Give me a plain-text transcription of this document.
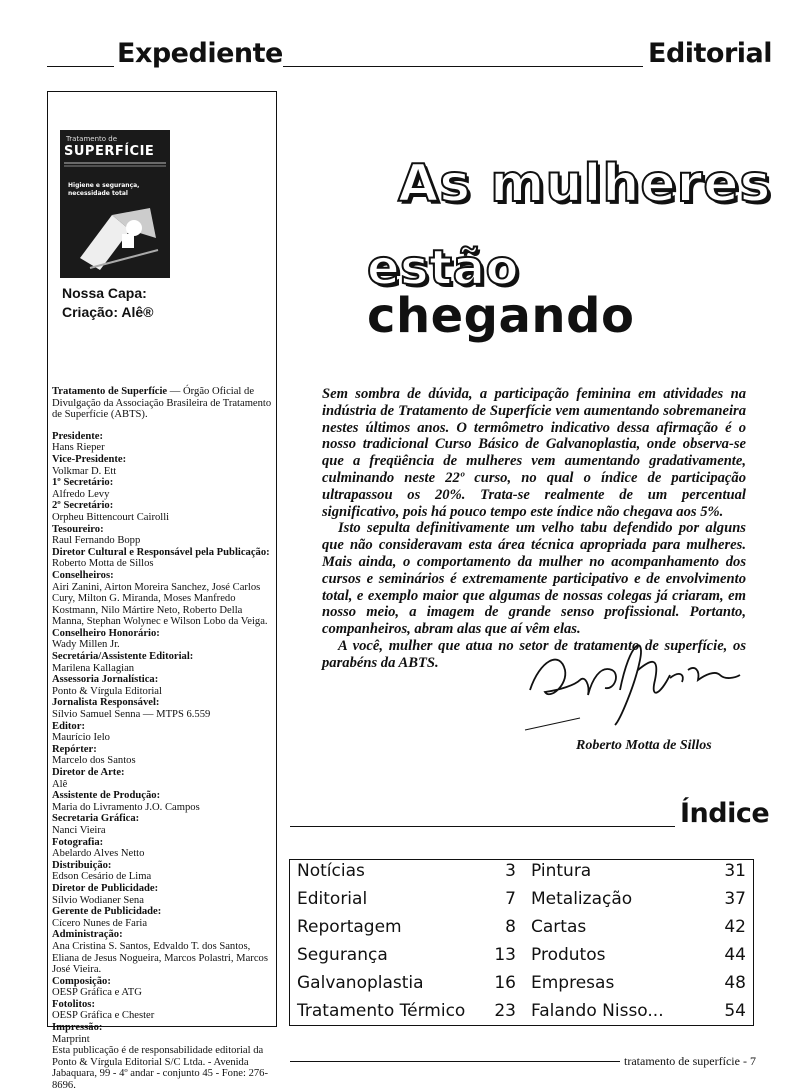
Expediente	Editorial
Tratamento de
SUPERFÍCIE
Higiene e segurança, necessidade total
Nossa Capa:
Criação: Alê®
Tratamento de Superfície — Órgão Oficial de Divulgação da Associação Brasileira de Tratamento de Superfície (ABTS).
Presidente :
Hans Rieper
Vice-Presidente :
Volkmar D. Ett
1º Secretário :
Alfredo Levy
2º Secretário :
Orpheu Bittencourt Cairolli
Tesoureiro :
Raul Fernando Bopp
Diretor Cultural e Responsável pela Publicação :
Roberto Motta de Sillos
Conselheiros :
Airi Zanini, Airton Moreira Sanchez, José Carlos Cury, Milton G. Miranda, Moses Manfredo Kostmann, Nilo Mártire Neto, Roberto Della Manna, Stephan Wolynec e Wilson Lobo da Veiga.
Conselheiro Honorário :
Wady Millen Jr.
Secretária/Assistente Editorial :
Marilena Kallagian
Assessoria Jornalística :
Ponto & Vírgula Editorial
Jornalista Responsável :
Sílvio Samuel Senna — MTPS 6.559
Editor :
Maurício Ielo
Repórter :
Marcelo dos Santos
Diretor de Arte :
Alê
Assistente de Produção :
Maria do Livramento J.O. Campos
Secretaria Gráfica :
Nanci Vieira
Fotografia :
Abelardo Alves Netto
Distribuição :
Edson Cesário de Lima
Diretor de Publicidade :
Sílvio Wodianer Sena
Gerente de Publicidade :
Cícero Nunes de Faria
Administração :
Ana Cristina S. Santos, Edvaldo T. dos Santos, Eliana de Jesus Nogueira, Marcos Polastri, Marcos José Vieira.
Composição :
OESP Gráfica e ATG
Fotolitos :
OESP Gráfica e Chester
Impressão :
Marprint
Esta publicação é de responsabilidade editorial da Ponto & Vírgula Editorial S/C Ltda. - Avenida Jabaquara, 99 - 4º andar - conjunto 45 - Fone: 276-8696.
As mulheres
estão chegando

Sem sombra de dúvida, a participação feminina em atividades na indústria de Tratamento de Superfície vem aumentando sobremaneira nestes últimos anos. O termômetro indicativo dessa afirmação é o nosso tradicional Curso Básico de Galvanoplastia, onde observa-se que a freqüência de mulheres vem aumentando gradativamente, culminando neste 22º curso, no qual o índice de participação ultrapassou os 20%. Trata-se realmente de um percentual significativo, pois há pouco tempo este índice não chegava aos 5%.

Isto sepulta definitivamente um velho tabu defendido por alguns que não consideravam esta área técnica apropriada para mulheres. Mais ainda, o comportamento da mulher no acompanhamento dos cursos e seminários é extremamente participativo e de envolvimento total, e exemplo maior que algumas de nossas colegas já criaram, em nosso meio, a imagem de grande senso profissional. Portanto, companheiros, abram alas que aí vêm elas.

A você, mulher que atua no setor de tratamento de superfície, os parabéns da ABTS.

Roberto Motta de Sillos
Índice
Notícias	3
Editorial	7
Reportagem	8
Segurança	13
Galvanoplastia	16
Tratamento Térmico	23
Pintura	31
Metalização	37
Cartas	42
Produtos	44
Empresas	48
Falando Nisso...	54
tratamento de superfície - 7
